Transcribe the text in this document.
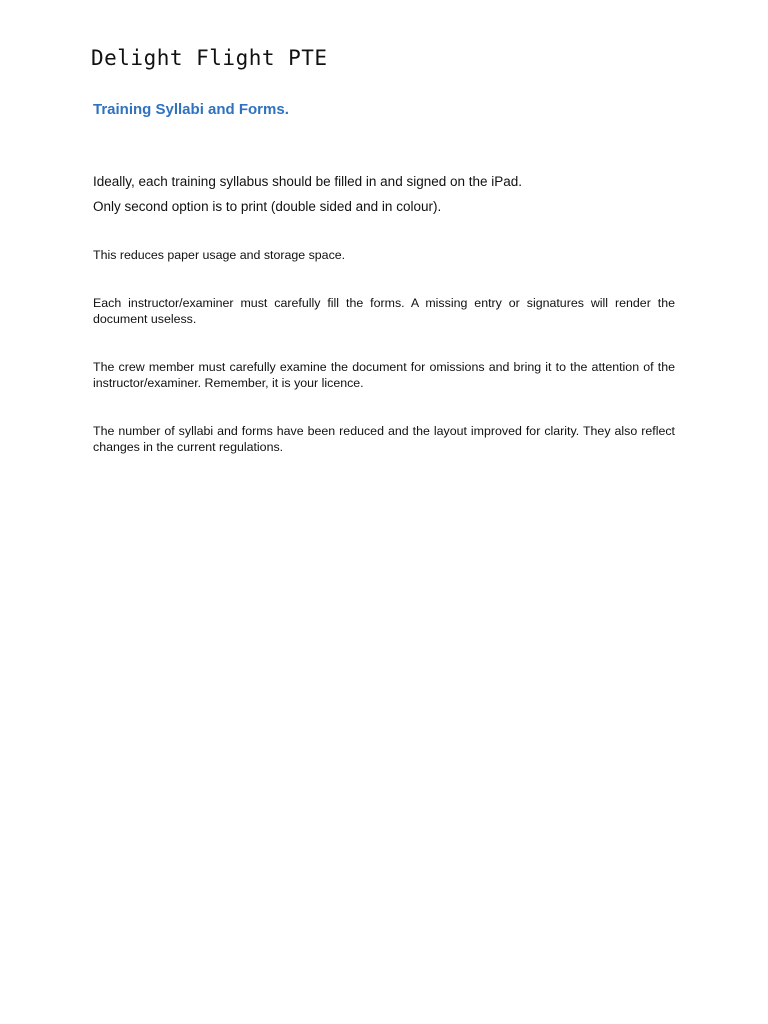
Delight Flight PTE
Training Syllabi and Forms.

Ideally, each training syllabus should be filled in and signed on the iPad.

Only second option is to print (double sided and in colour).

This reduces paper usage and storage space.

Each instructor/examiner must carefully fill the forms. A missing entry or signatures will render the document useless.

The crew member must carefully examine the document for omissions and bring it to the attention of the instructor/examiner. Remember, it is your licence.

The number of syllabi and forms have been reduced and the layout improved for clarity. They also reflect changes in the current regulations.
